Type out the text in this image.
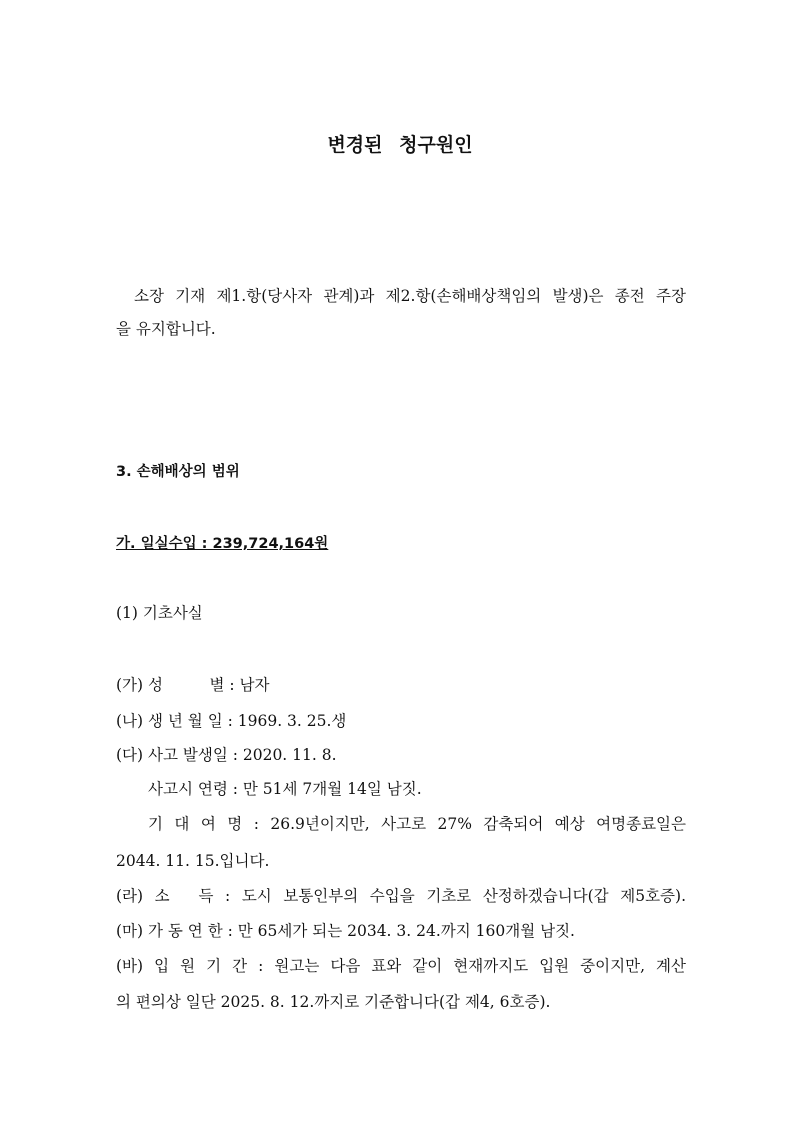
변경된 청구원인
소장 기재 제1.항(당사자 관계)과 제2.항(손해배상책임의 발생)은 종전 주장
을 유지합니다.
3. 손해배상의 범위
가. 일실수입 : 239,724,164원
(1) 기초사실
(가) 성　　　별 : 남자
(나) 생 년 월 일 : 1969. 3. 25.생
(다) 사고 발생일 : 2020. 11. 8.
사고시 연령 : 만 51세 7개월 14일 남짓.
기 대 여 명 : 26.9년이지만, 사고로 27% 감축되어 예상 여명종료일은
2044. 11. 15.입니다.
(라) 소　득 : 도시 보통인부의 수입을 기초로 산정하겠습니다(갑 제5호증).
(마) 가 동 연 한 : 만 65세가 되는 2034. 3. 24.까지 160개월 남짓.
(바) 입 원 기 간 : 원고는 다음 표와 같이 현재까지도 입원 중이지만, 계산
의 편의상 일단 2025. 8. 12.까지로 기준합니다(갑 제4, 6호증).
